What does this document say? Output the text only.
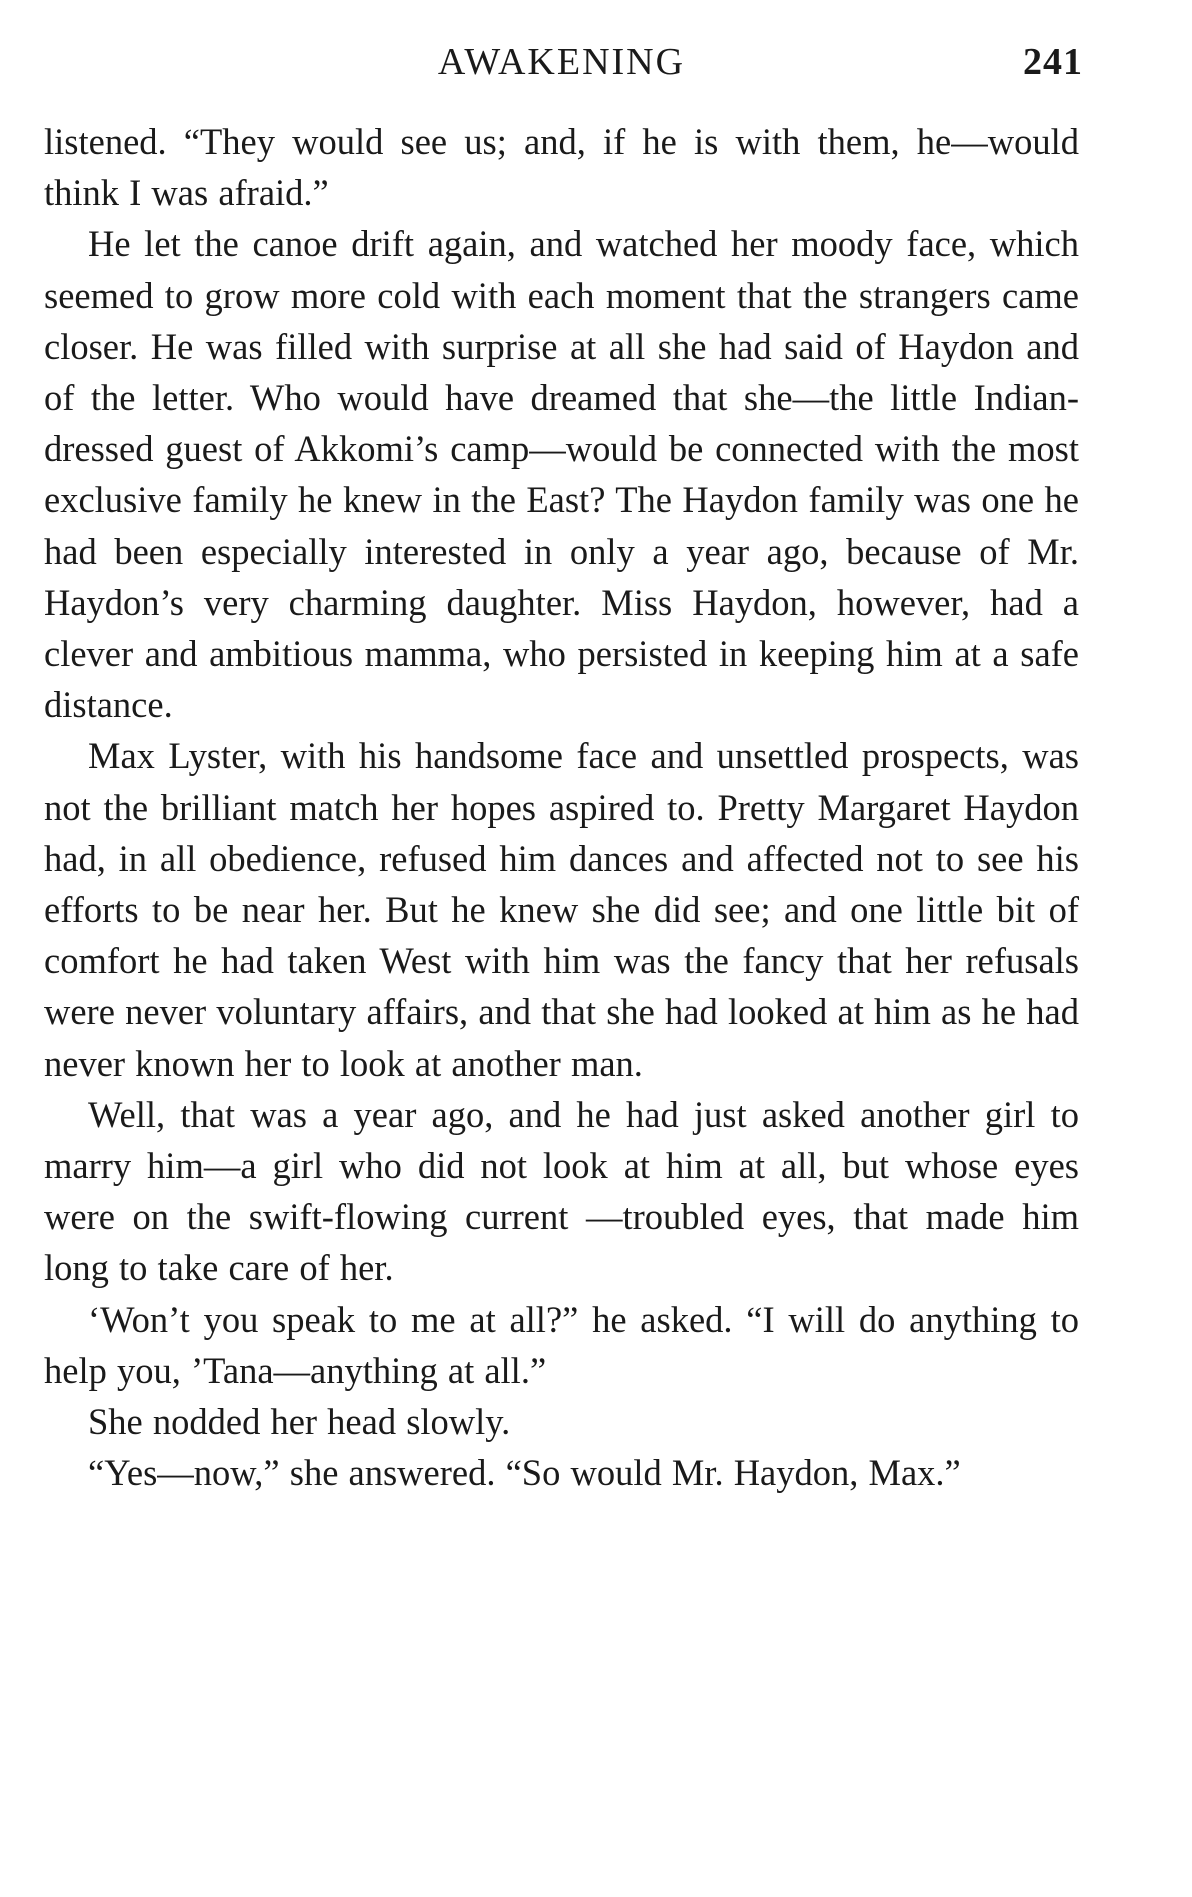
AWAKENING	241

listened. “They would see us; and, if he is with them, he—would think I was afraid.”

He let the canoe drift again, and watched her moody face, which seemed to grow more cold with each moment that the strangers came closer. He was filled with surprise at all she had said of Haydon and of the letter. Who would have dreamed that she—the little Indian-dressed guest of Akkomi’s camp—would be connected with the most exclusive family he knew in the East? The Haydon family was one he had been especially interested in only a year ago, because of Mr. Haydon’s very charming daughter. Miss Haydon, however, had a clever and ambitious mamma, who persisted in keeping him at a safe distance.

Max Lyster, with his handsome face and unsettled prospects, was not the brilliant match her hopes aspired to. Pretty Margaret Haydon had, in all obedience, refused him dances and affected not to see his efforts to be near her. But he knew she did see; and one little bit of comfort he had taken West with him was the fancy that her refusals were never voluntary affairs, and that she had looked at him as he had never known her to look at another man.

Well, that was a year ago, and he had just asked another girl to marry him—a girl who did not look at him at all, but whose eyes were on the swift-flowing current —troubled eyes, that made him long to take care of her.

‘Won’t you speak to me at all?” he asked. “I will do anything to help you, ’Tana—anything at all.”

She nodded her head slowly.

“Yes—now,” she answered. “So would Mr. Haydon, Max.”
